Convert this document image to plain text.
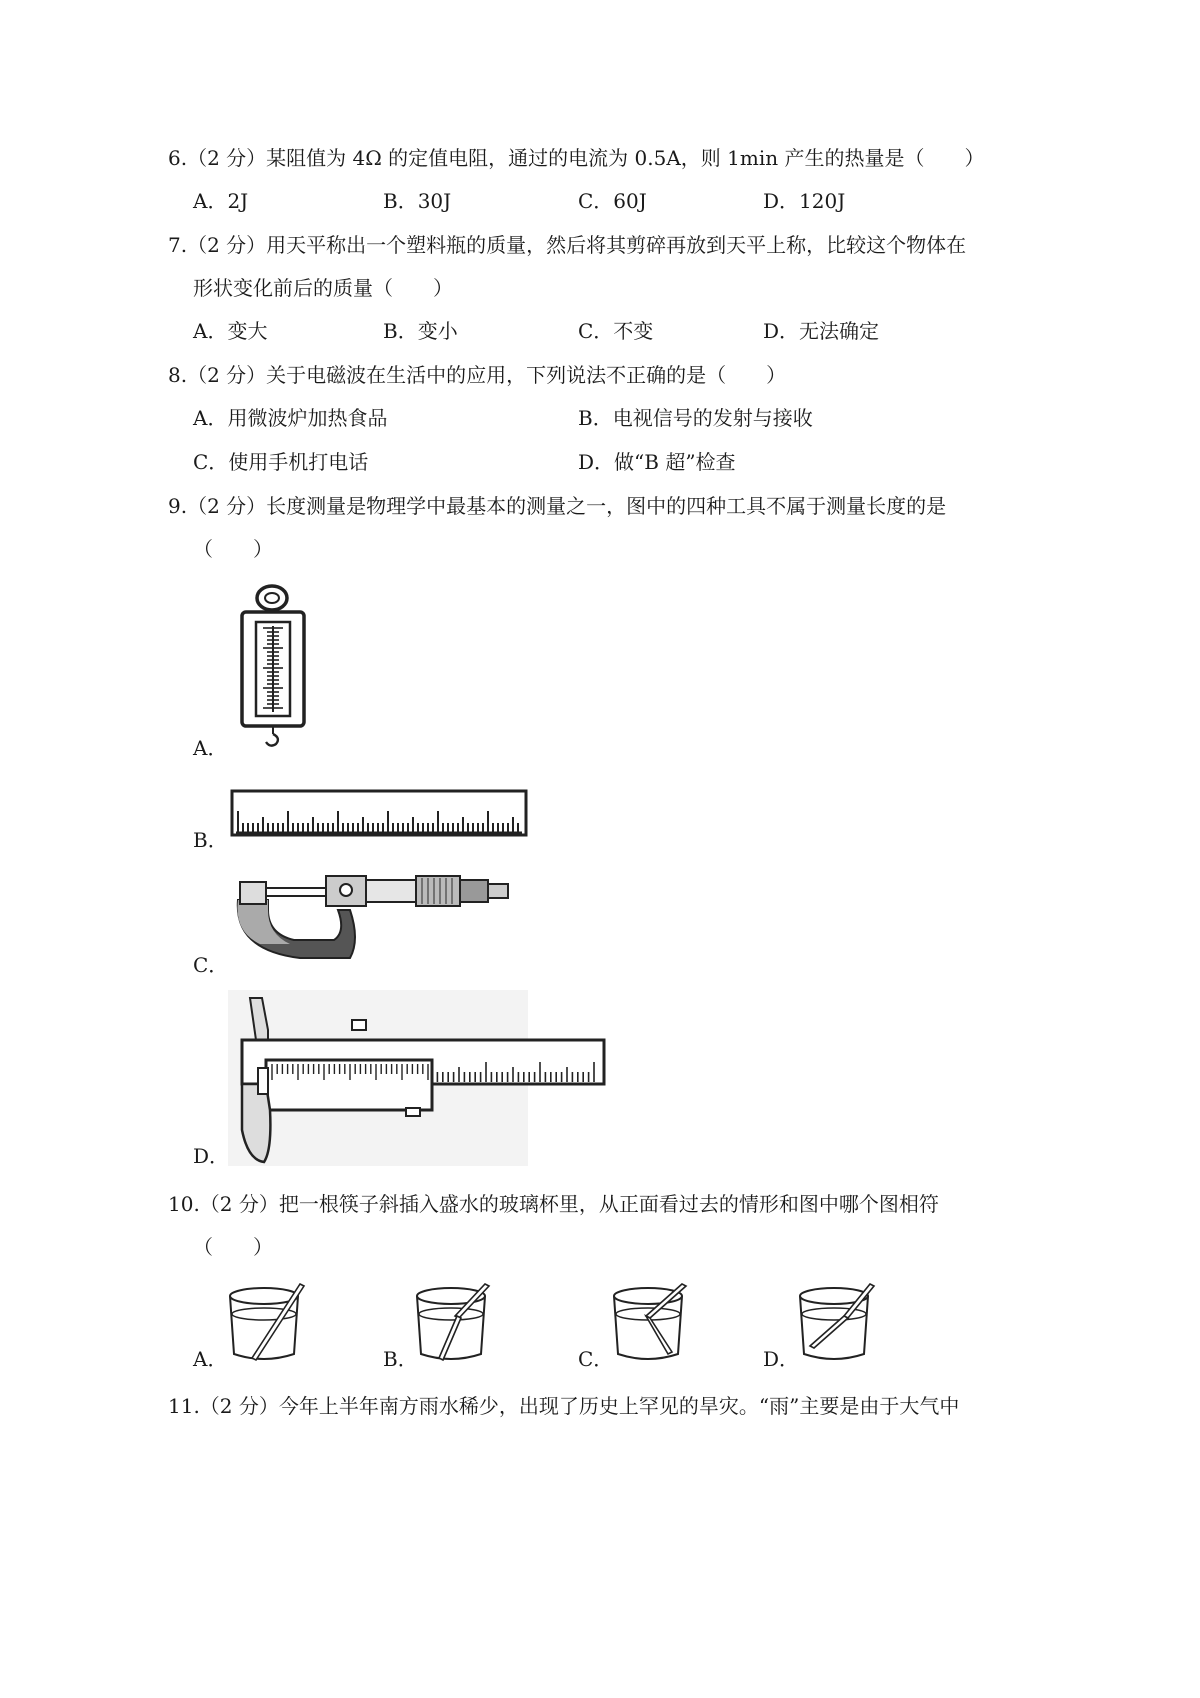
6.（2 分）某阻值为 4Ω 的定值电阻，通过的电流为 0.5A，则 1min 产生的热量是（　　）
A．2J	B．30J	C．60J	D．120J
7.（2 分）用天平称出一个塑料瓶的质量，然后将其剪碎再放到天平上称，比较这个物体在
形状变化前后的质量（　　）
A．变大	B．变小	C．不变	D．无法确定
8.（2 分）关于电磁波在生活中的应用，下列说法不正确的是（　　）
A．用微波炉加热食品	B．电视信号的发射与接收
C．使用手机打电话	D．做“B 超”检查
9.（2 分）长度测量是物理学中最基本的测量之一，图中的四种工具不属于测量长度的是
（　　）
A．
B．
C．
D．
10.（2 分）把一根筷子斜插入盛水的玻璃杯里，从正面看过去的情形和图中哪个图相符
（　　）
A．	B．	C．	D．
11.（2 分）今年上半年南方雨水稀少，出现了历史上罕见的旱灾。“雨”主要是由于大气中
